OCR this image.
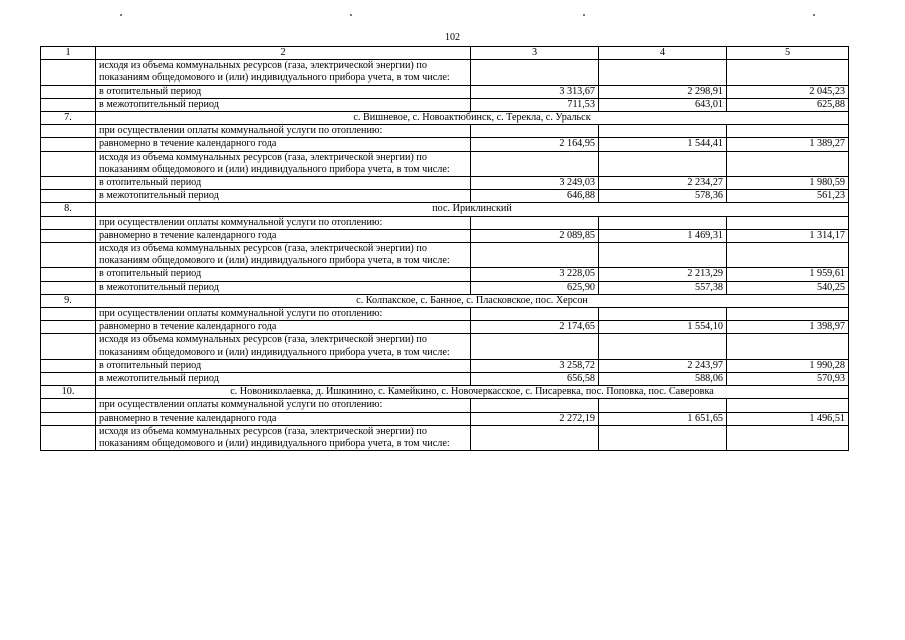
102
1	2	3	4	5
	исходя из объема коммунальных ресурсов (газа, электрической энергии) по показаниям общедомового и (или) индивидуального прибора учета, в том числе:			
	в отопительный период	3 313,67	2 298,91	2 045,23
	в межотопительный период	711,53	643,01	625,88
7.	с. Вишневое, с. Новоактюбинск, с. Терекла, с. Уральск			
	при осуществлении оплаты коммунальной услуги по отоплению:			
	равномерно в течение календарного года	2 164,95	1 544,41	1 389,27
	исходя из объема коммунальных ресурсов (газа, электрической энергии) по показаниям общедомового и (или) индивидуального прибора учета, в том числе:			
	в отопительный период	3 249,03	2 234,27	1 980,59
	в межотопительный период	646,88	578,36	561,23
8.	пос. Ириклинский			
	при осуществлении оплаты коммунальной услуги по отоплению:			
	равномерно в течение календарного года	2 089,85	1 469,31	1 314,17
	исходя из объема коммунальных ресурсов (газа, электрической энергии) по показаниям общедомового и (или) индивидуального прибора учета, в том числе:			
	в отопительный период	3 228,05	2 213,29	1 959,61
	в межотопительный период	625,90	557,38	540,25
9.	с. Колпакское, с. Банное, с. Пласковское, пос. Херсон			
	при осуществлении оплаты коммунальной услуги по отоплению:			
	равномерно в течение календарного года	2 174,65	1 554,10	1 398,97
	исходя из объема коммунальных ресурсов (газа, электрической энергии) по показаниям общедомового и (или) индивидуального прибора учета, в том числе:			
	в отопительный период	3 258,72	2 243,97	1 990,28
	в межотопительный период	656,58	588,06	570,93
10.	с. Новониколаевка, д. Ишкинино, с. Камейкино, с. Новочеркасское, с. Писаревка, пос. Поповка, пос. Саверовка			
	при осуществлении оплаты коммунальной услуги по отоплению:			
	равномерно в течение календарного года	2 272,19	1 651,65	1 496,51
	исходя из объема коммунальных ресурсов (газа, электрической энергии) по показаниям общедомового и (или) индивидуального прибора учета, в том числе:			
